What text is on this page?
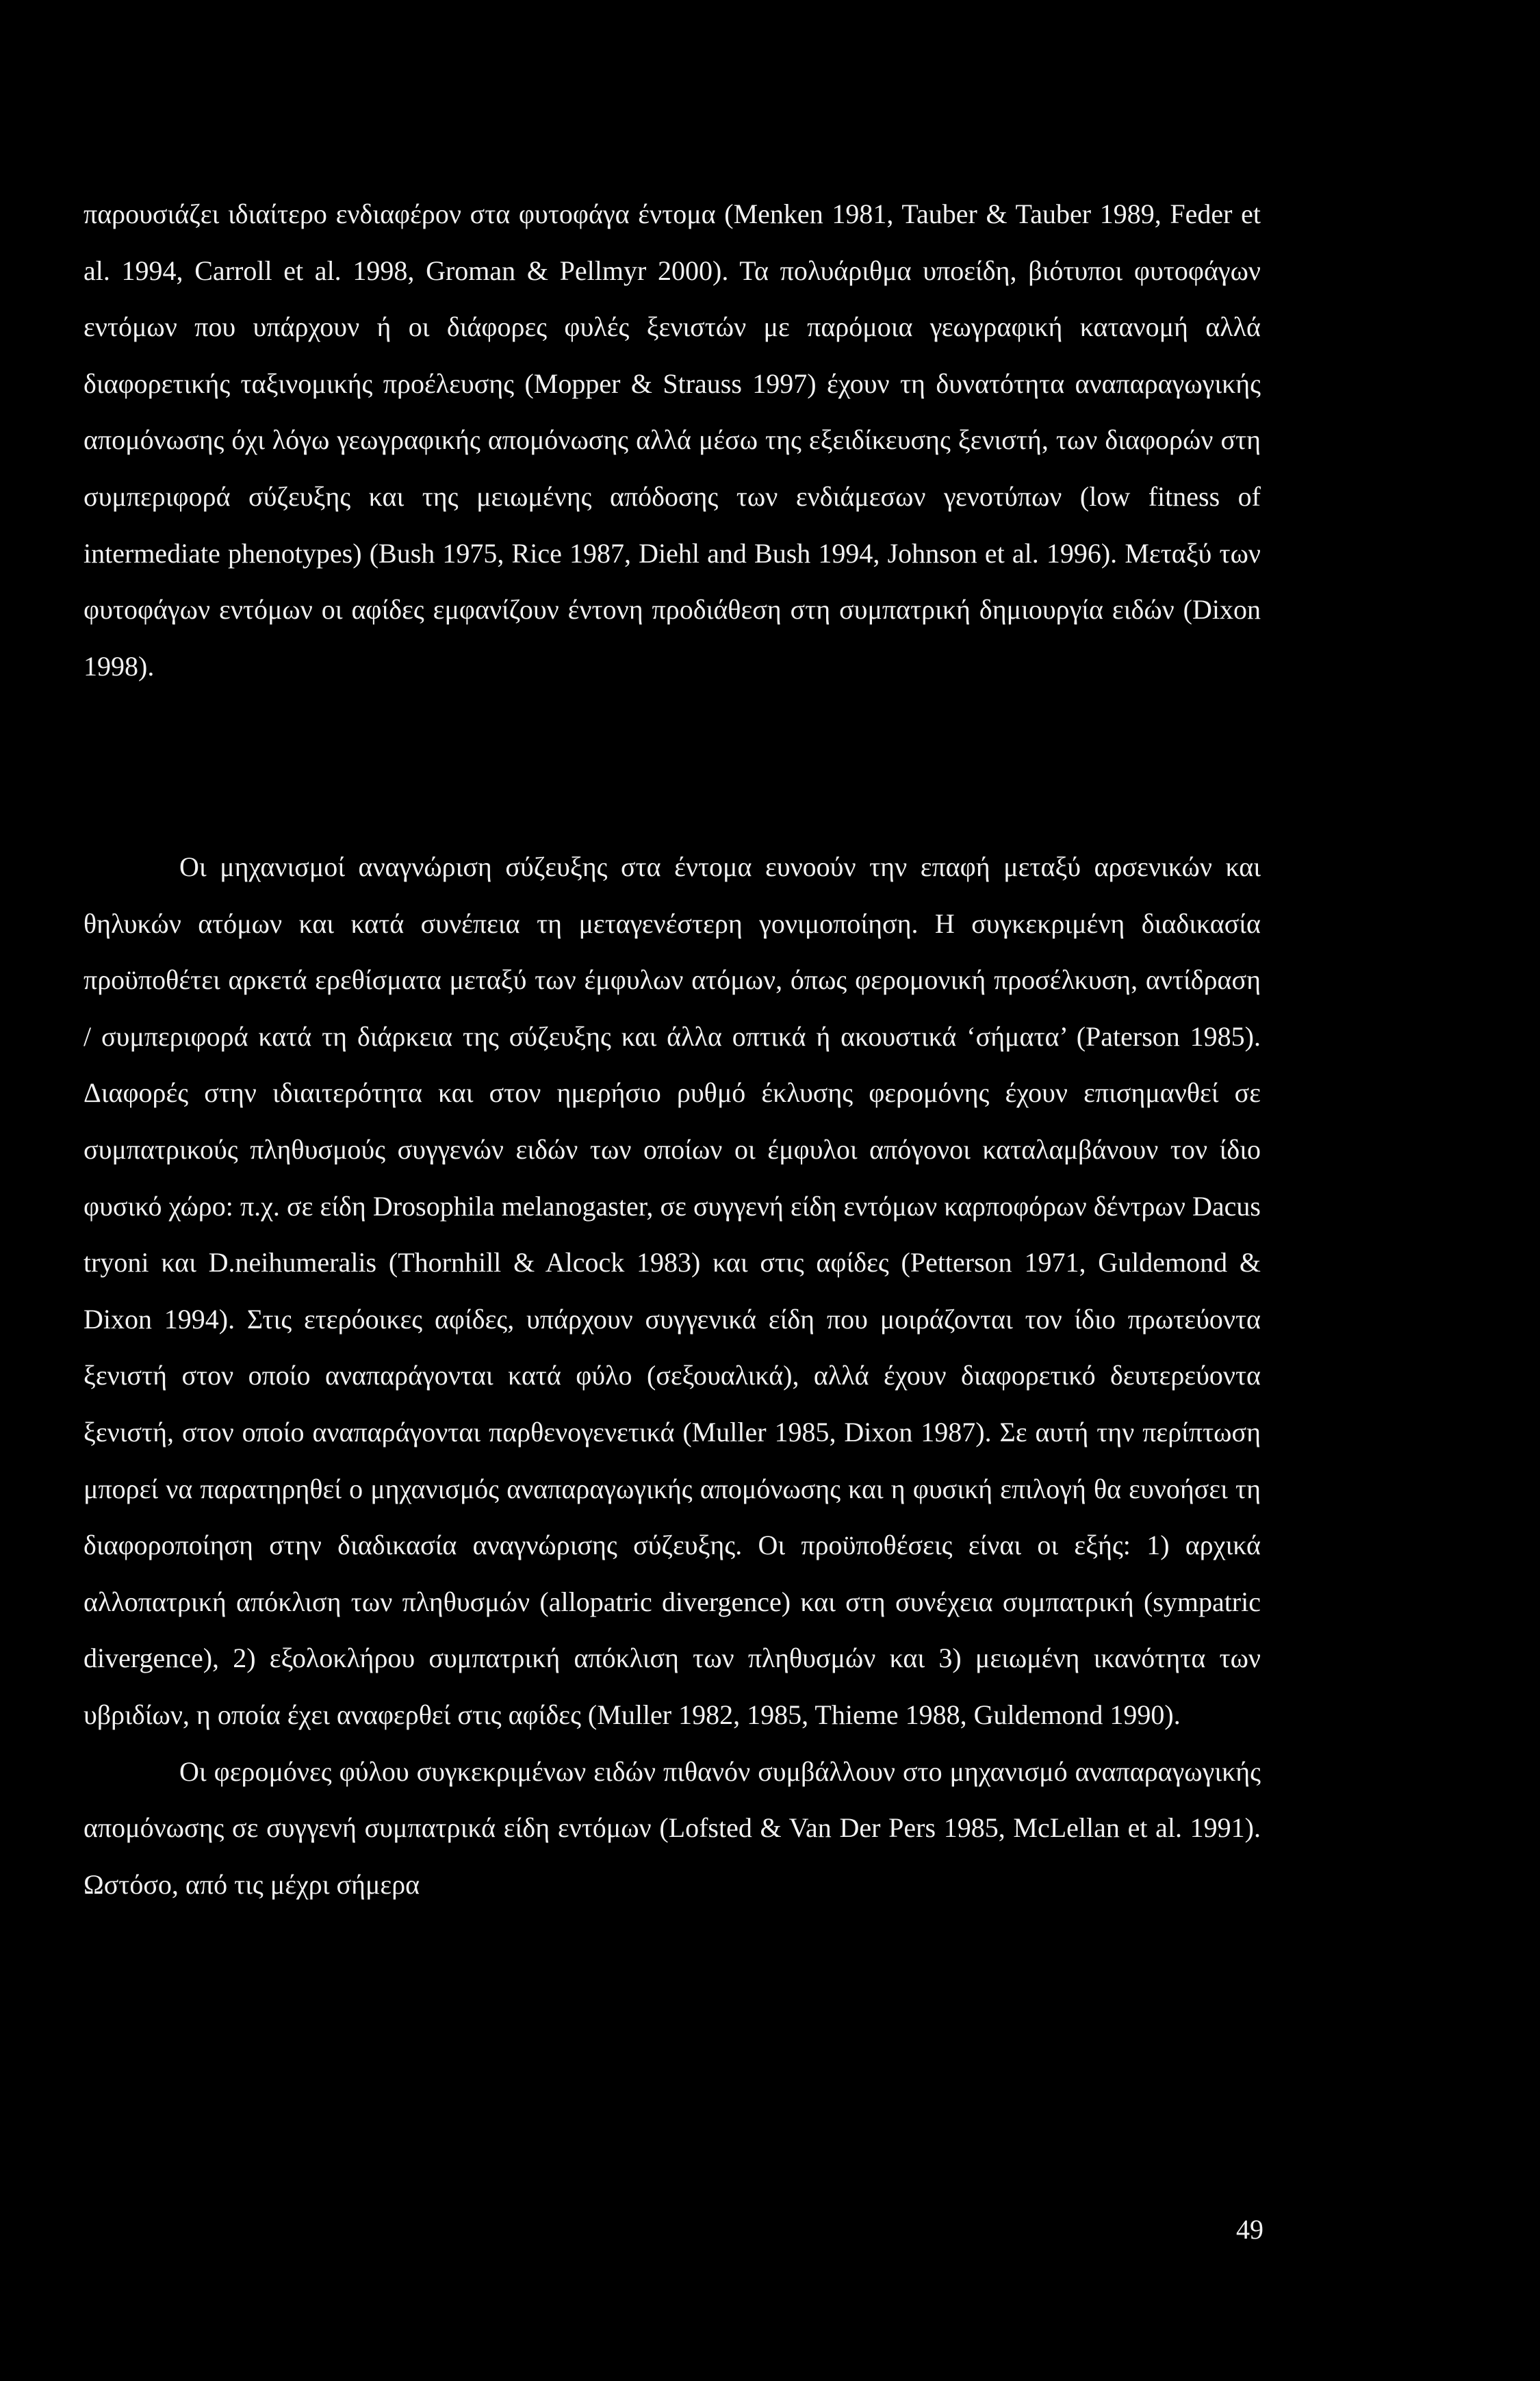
παρουσιάζει ιδιαίτερο ενδιαφέρον στα φυτοφάγα έντομα (Menken 1981, Tauber & Tauber 1989, Feder et al. 1994, Carroll et al. 1998, Groman & Pellmyr 2000). Τα πολυάριθμα υποείδη, βιότυποι φυτοφάγων εντόμων που υπάρχουν ή οι διάφορες φυλές ξενιστών με παρόμοια γεωγραφική κατανομή αλλά διαφορετικής ταξινομικής προέλευσης (Mopper & Strauss 1997) έχουν τη δυνατότητα αναπαραγωγικής απομόνωσης όχι λόγω γεωγραφικής απομόνωσης αλλά μέσω της εξειδίκευσης ξενιστή, των διαφορών στη συμπεριφορά σύζευξης και της μειωμένης απόδοσης των ενδιάμεσων γενοτύπων (low fitness of intermediate phenotypes) (Bush 1975, Rice 1987, Diehl and Bush 1994, Johnson et al. 1996). Μεταξύ των φυτοφάγων εντόμων οι αφίδες εμφανίζουν έντονη προδιάθεση στη συμπατρική δημιουργία ειδών (Dixon 1998).

Οι μηχανισμοί αναγνώριση σύζευξης στα έντομα ευνοούν την επαφή μεταξύ αρσενικών και θηλυκών ατόμων και κατά συνέπεια τη μεταγενέστερη γονιμοποίηση. Η συγκεκριμένη διαδικασία προϋποθέτει αρκετά ερεθίσματα μεταξύ των έμφυλων ατόμων, όπως φερομονική προσέλκυση, αντίδραση / συμπεριφορά κατά τη διάρκεια της σύζευξης και άλλα οπτικά ή ακουστικά ‘σήματα’ (Paterson 1985). Διαφορές στην ιδιαιτερότητα και στον ημερήσιο ρυθμό έκλυσης φερομόνης έχουν επισημανθεί σε συμπατρικούς πληθυσμούς συγγενών ειδών των οποίων οι έμφυλοι απόγονοι καταλαμβάνουν τον ίδιο φυσικό χώρο: π.χ. σε είδη Drosophila melanogaster, σε συγγενή είδη εντόμων καρποφόρων δέντρων Dacus tryoni και D.neihumeralis (Thornhill & Alcock 1983) και στις αφίδες (Petterson 1971, Guldemond & Dixon 1994). Στις ετερόοικες αφίδες, υπάρχουν συγγενικά είδη που μοιράζονται τον ίδιο πρωτεύοντα ξενιστή στον οποίο αναπαράγονται κατά φύλο (σεξουαλικά), αλλά έχουν διαφορετικό δευτερεύοντα ξενιστή, στον οποίο αναπαράγονται παρθενογενετικά (Muller 1985, Dixon 1987). Σε αυτή την περίπτωση μπορεί να παρατηρηθεί ο μηχανισμός αναπαραγωγικής απομόνωσης και η φυσική επιλογή θα ευνοήσει τη διαφοροποίηση στην διαδικασία αναγνώρισης σύζευξης. Οι προϋποθέσεις είναι οι εξής: 1) αρχικά αλλοπατρική απόκλιση των πληθυσμών (allopatric divergence) και στη συνέχεια συμπατρική (sympatric divergence), 2) εξολοκλήρου συμπατρική απόκλιση των πληθυσμών και 3) μειωμένη ικανότητα των υβριδίων, η οποία έχει αναφερθεί στις αφίδες (Muller 1982, 1985, Thieme 1988, Guldemond 1990).

Οι φερομόνες φύλου συγκεκριμένων ειδών πιθανόν συμβάλλουν στο μηχανισμό αναπαραγωγικής απομόνωσης σε συγγενή συμπατρικά είδη εντόμων (Lofsted & Van Der Pers 1985, McLellan et al. 1991). Ωστόσο, από τις μέχρι σήμερα

49
